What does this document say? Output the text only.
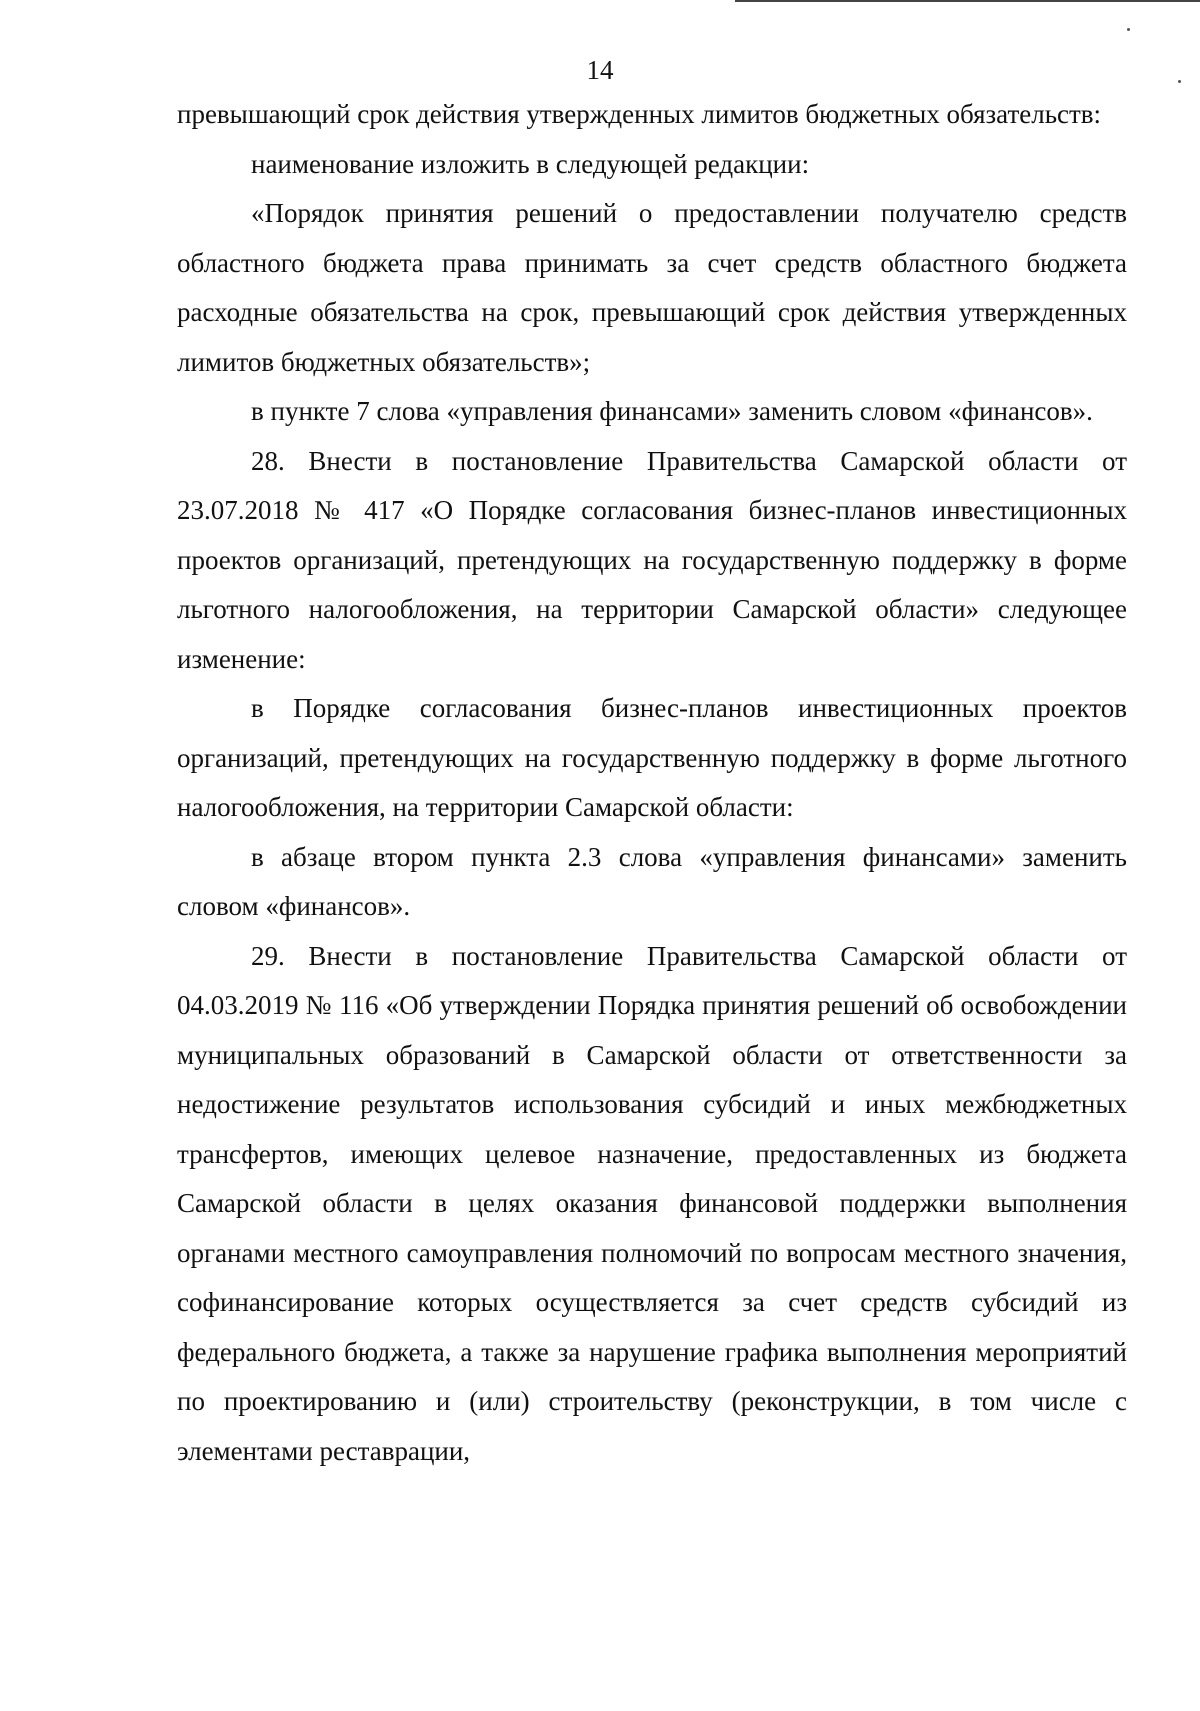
14

превышающий срок действия утвержденных лимитов бюджетных обязательств:

наименование изложить в следующей редакции:

«Порядок принятия решений о предоставлении получателю средств областного бюджета права принимать за счет средств областного бюджета расходные обязательства на срок, превышающий срок действия утвержденных лимитов бюджетных обязательств»;

в пункте 7 слова «управления финансами» заменить словом «финансов».

28. Внести в постановление Правительства Самарской области от 23.07.2018 № 417 «О Порядке согласования бизнес-планов инвестиционных проектов организаций, претендующих на государственную поддержку в форме льготного налогообложения, на территории Самарской области» следующее изменение:

в Порядке согласования бизнес-планов инвестиционных проектов организаций, претендующих на государственную поддержку в форме льготного налогообложения, на территории Самарской области:

в абзаце втором пункта 2.3 слова «управления финансами» заменить словом «финансов».

29. Внести в постановление Правительства Самарской области от 04.03.2019 № 116 «Об утверждении Порядка принятия решений об освобождении муниципальных образований в Самарской области от ответственности за недостижение результатов использования субсидий и иных межбюджетных трансфертов, имеющих целевое назначение, предоставленных из бюджета Самарской области в целях оказания финансовой поддержки выполнения органами местного самоуправления полномочий по вопросам местного значения, софинансирование которых осуществляется за счет средств субсидий из федерального бюджета, а также за нарушение графика выполнения мероприятий по проектированию и (или) строительству (реконструкции, в том числе с элементами реставрации,
